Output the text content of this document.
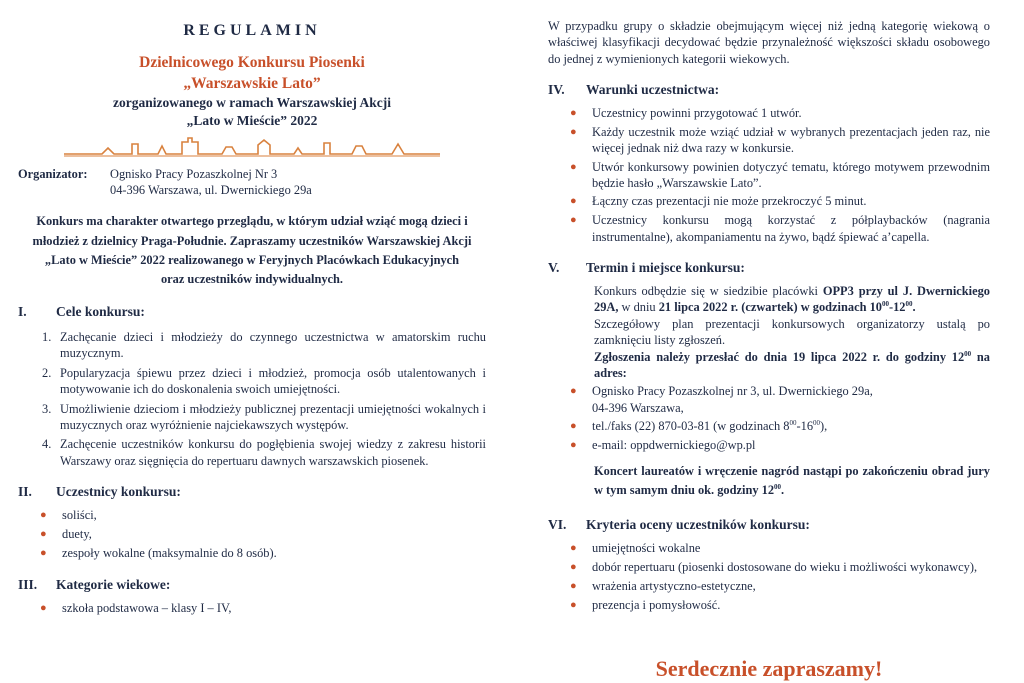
REGULAMIN
Dzielnicowego Konkursu Piosenki
„Warszawskie Lato”
zorganizowanego w ramach Warszawskiej Akcji
„Lato w Mieście” 2022
Organizator:	Ognisko Pracy Pozaszkolnej Nr 3
04-396 Warszawa, ul. Dwernickiego 29a
Konkurs ma charakter otwartego przeglądu, w którym udział wziąć mogą dzieci i młodzież z dzielnicy Praga-Południe. Zapraszamy uczestników Warszawskiej Akcji „Lato w Mieście” 2022 realizowanego w Feryjnych Placówkach Edukacyjnych oraz uczestników indywidualnych.
I.	Cele konkursu:
1. Zachęcanie dzieci i młodzieży do czynnego uczestnictwa w amatorskim ruchu muzycznym.
2. Popularyzacja śpiewu przez dzieci i młodzież, promocja osób utalentowanych i motywowanie ich do doskonalenia swoich umiejętności.
3. Umożliwienie dzieciom i młodzieży publicznej prezentacji umiejętności wokalnych i muzycznych oraz wyróżnienie najciekawszych występów.
4. Zachęcenie uczestników konkursu do pogłębienia swojej wiedzy z zakresu historii Warszawy oraz sięgnięcia do repertuaru dawnych warszawskich piosenek.
II.	Uczestnicy konkursu:
●	soliści,
●	duety,
●	zespoły wokalne (maksymalnie do 8 osób).
III.	Kategorie wiekowe:
●	szkoła podstawowa – klasy I – IV,
W przypadku grupy o składzie obejmującym więcej niż jedną kategorię wiekową o właściwej klasyfikacji decydować będzie przynależność większości składu osobowego do jednej z wymienionych kategorii wiekowych.
IV.	Warunki uczestnictwa:
●	Uczestnicy powinni przygotować 1 utwór.
●	Każdy uczestnik może wziąć udział w wybranych prezentacjach jeden raz, nie więcej jednak niż dwa razy w konkursie.
●	Utwór konkursowy powinien dotyczyć tematu, którego motywem przewodnim będzie hasło „Warszawskie Lato”.
●	Łączny czas prezentacji nie może przekroczyć 5 minut.
●	Uczestnicy konkursu mogą korzystać z półplaybacków (nagrania instrumentalne), akompaniamentu na żywo, bądź śpiewać a’capella.
V.	Termin i miejsce konkursu:
Konkurs odbędzie się w siedzibie placówki OPP3 przy ul J. Dwernickiego 29A, w dniu 21 lipca 2022 r. (czwartek) w godzinach $10^{00}-12^{00}$.
Szczegółowy plan prezentacji konkursowych organizatorzy ustalą po zamknięciu listy zgłoszeń.
Zgłoszenia należy przesłać do dnia 19 lipca 2022 r. do godziny $12^{00}$ na adres:
●	Ognisko Pracy Pozaszkolnej nr 3, ul. Dwernickiego 29a,
04-396 Warszawa,
●	tel./faks (22) 870-03-81 (w godzinach $8^{00}-16^{00}$),
●	e-mail: oppdwernickiego@wp.pl
Koncert laureatów i wręczenie nagród nastąpi po zakończeniu obrad jury w tym samym dniu ok. godziny $12^{00}$.
VI.	Kryteria oceny uczestników konkursu:
●	umiejętności wokalne
●	dobór repertuaru (piosenki dostosowane do wieku i możliwości wykonawcy),
●	wrażenia artystyczno-estetyczne,
●	prezencja i pomysłowość.
Serdecznie zapraszamy!
